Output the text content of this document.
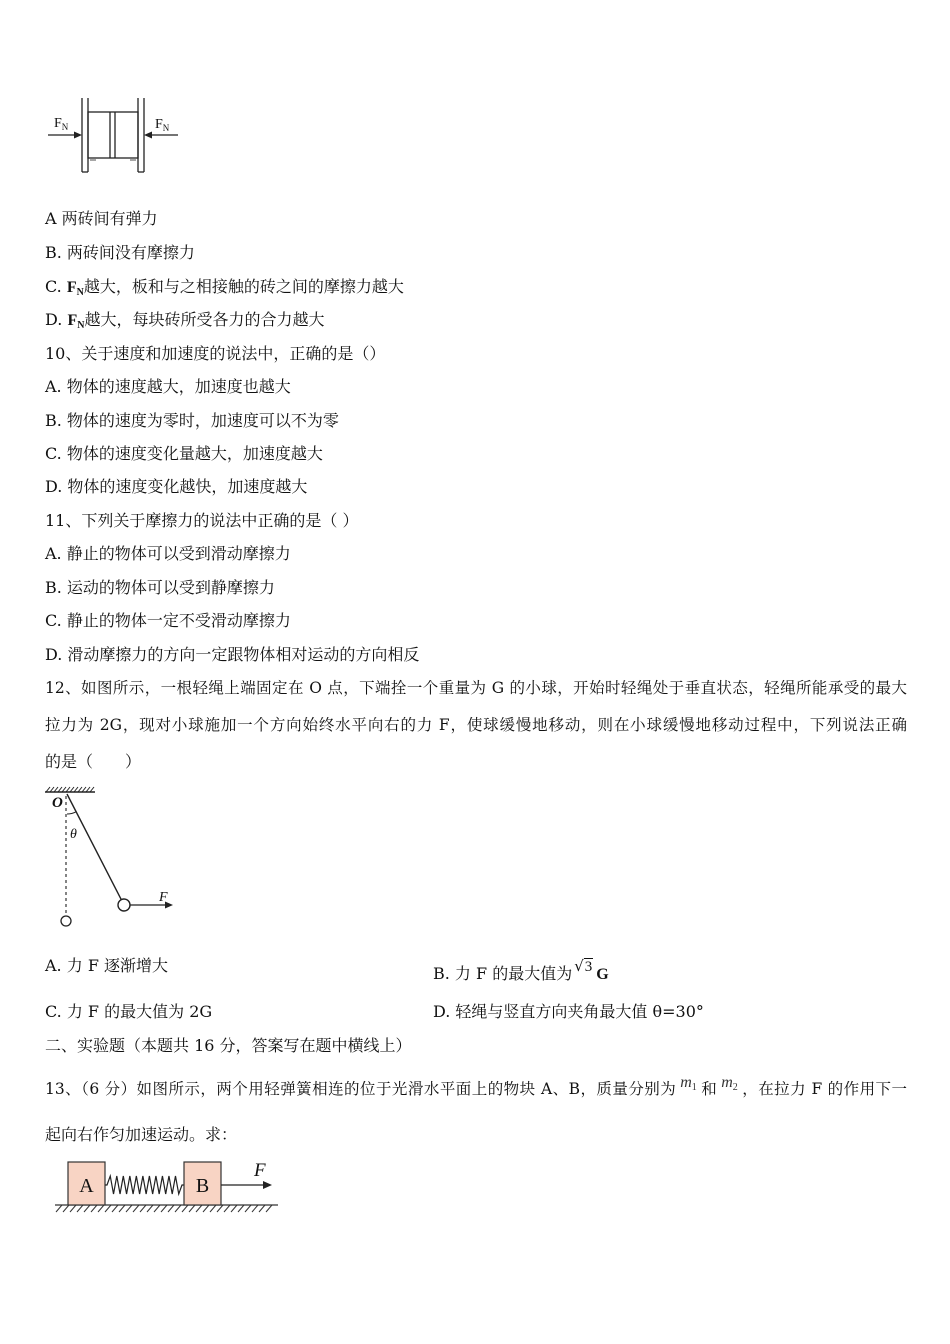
$F_N$	$F_N$
A 两砖间有弹力
B. 两砖间没有摩擦力
C. $F_N$越大，板和与之相接触的砖之间的摩擦力越大
D. $F_N$越大，每块砖所受各力的合力越大
10、关于速度和加速度的说法中，正确的是（）
A. 物体的速度越大，加速度也越大
B. 物体的速度为零时，加速度可以不为零
C. 物体的速度变化量越大，加速度越大
D. 物体的速度变化越快，加速度越大
11、下列关于摩擦力的说法中正确的是（ ）
A. 静止的物体可以受到滑动摩擦力
B. 运动的物体可以受到静摩擦力
C. 静止的物体一定不受滑动摩擦力
D. 滑动摩擦力的方向一定跟物体相对运动的方向相反
12、如图所示，一根轻绳上端固定在 O 点，下端拴一个重量为 G 的小球，开始时轻绳处于垂直状态，轻绳所能承受的最大
拉力为 2G，现对小球施加一个方向始终水平向右的力 F，使球缓慢地移动，则在小球缓慢地移动过程中，下列说法正确
的是（　　）
O
θ
F
A. 力 F 逐渐增大	B. 力 F 的最大值为 √3 G
C. 力 F 的最大值为 2G	D. 轻绳与竖直方向夹角最大值 θ=30°
二、实验题（本题共 16 分，答案写在题中横线上）
13、（6 分）如图所示，两个用轻弹簧相连的位于光滑水平面上的物块 A、B，质量分别为 $m_1$ 和 $m_2$ ，在拉力 F 的作用下一
起向右作匀加速运动。求：
A	B
F
